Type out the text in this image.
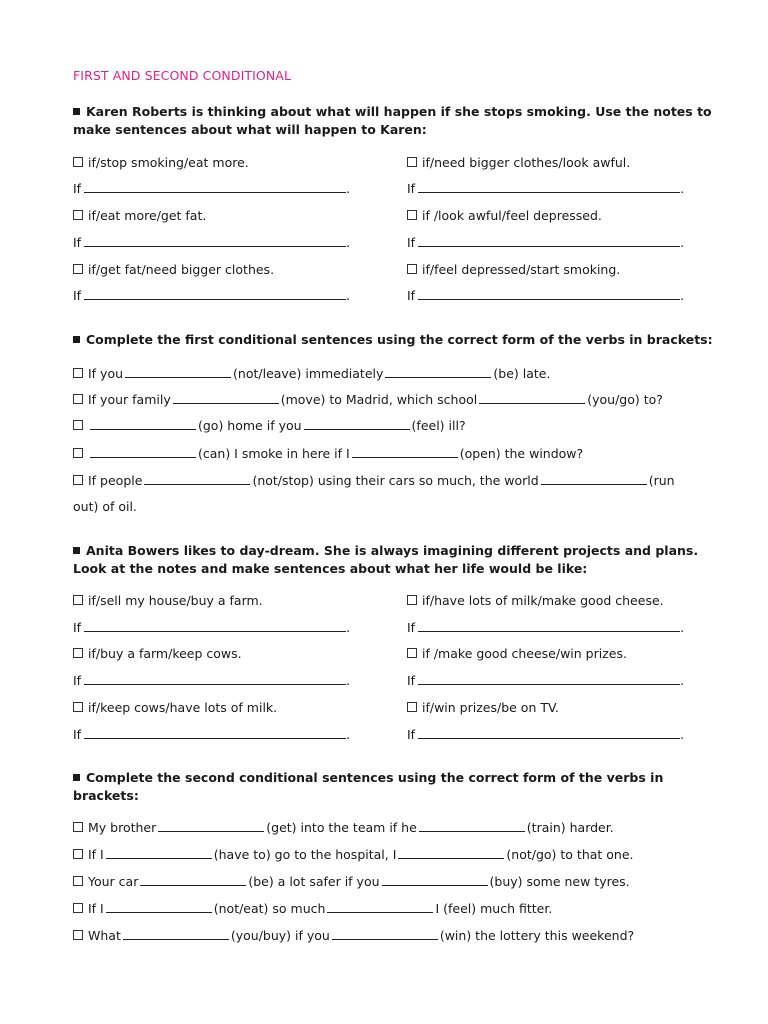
FIRST AND SECOND CONDITIONAL
Karen Roberts is thinking about what will happen if she stops smoking. Use the notes to make sentences about what will happen to Karen:
if/stop smoking/eat more.	if/need bigger clothes/look awful.
If	.	If	.
if/eat more/get fat.	if /look awful/feel depressed.
If	.	If	.
if/get fat/need bigger clothes.	if/feel depressed/start smoking.
If	.	If	.
Complete the first conditional sentences using the correct form of the verbs in brackets:
If you	(not/leave) immediately	(be) late.
If your family	(move) to Madrid, which school	(you/go) to?
(go) home if you	(feel) ill?
(can) I smoke in here if I	(open) the window?
If people	(not/stop) using their cars so much, the world	(run
out) of oil.
Anita Bowers likes to day-dream. She is always imagining different projects and plans. Look at the notes and make sentences about what her life would be like:
if/sell my house/buy a farm.	if/have lots of milk/make good cheese.
If	.	If	.
if/buy a farm/keep cows.	if /make good cheese/win prizes.
If	.	If	.
if/keep cows/have lots of milk.	if/win prizes/be on TV.
If	.	If	.
Complete the second conditional sentences using the correct form of the verbs in brackets:
My brother	(get) into the team if he	(train) harder.
If I	(have to) go to the hospital, I	(not/go) to that one.
Your car	(be) a lot safer if you	(buy) some new tyres.
If I	(not/eat) so much	I (feel) much fitter.
What	(you/buy) if you	(win) the lottery this weekend?
